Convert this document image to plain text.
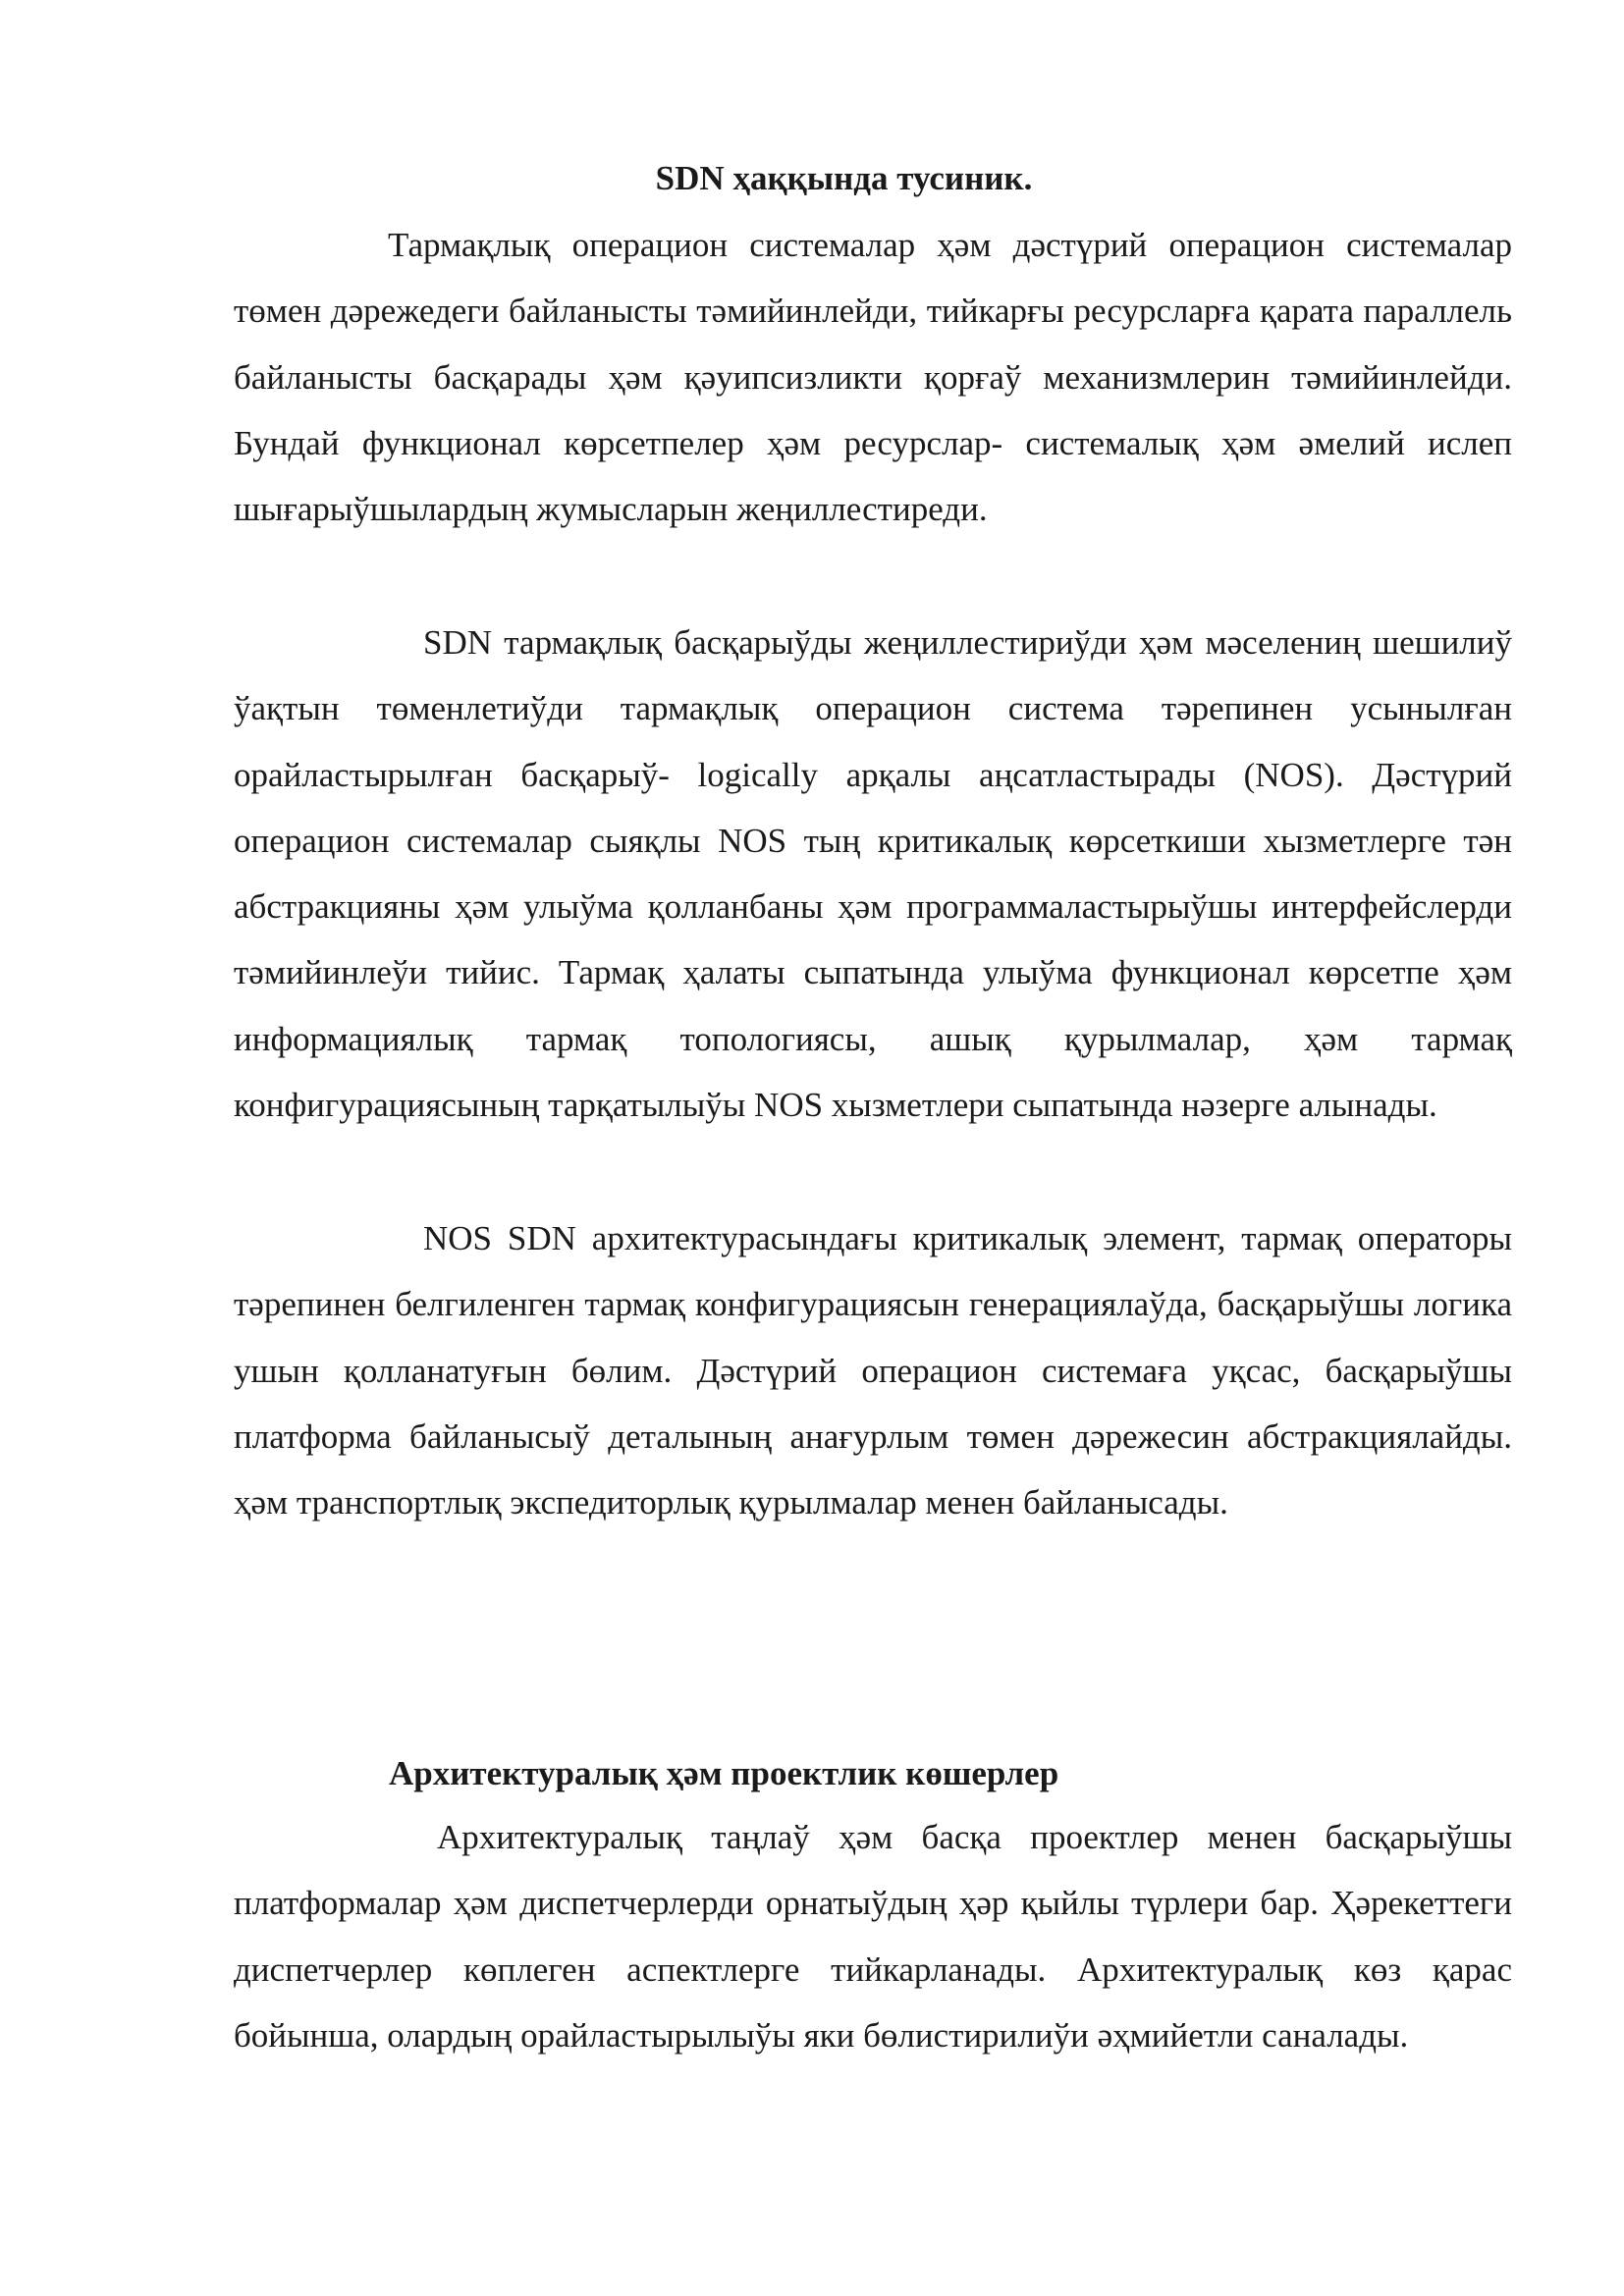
SDN ҳаққында тусиник.

Тармақлық операцион системалар ҳәм дәстүрий операцион системалар төмен дәрежедеги байланысты тәмийинлейди, тийкарғы ресурсларға қарата параллель байланысты басқарады ҳәм қәуипсизликти қорғаў механизмлерин тәмийинлейди. Бундай функционал көрсетпелер ҳәм ресурслар- системалық ҳәм әмелий ислеп шығарыўшылардың жумысларын жеңиллестиреди.

SDN тармақлық басқарыўды жеңиллестириўди ҳәм мәселениң шешилиў ўақтын төменлетиўди тармақлық операцион система тәрепинен усынылған орайластырылған басқарыў- logically арқалы аңсатластырады (NOS). Дәстүрий операцион системалар сыяқлы NOS тың критикалық көрсеткиши хызметлерге тән абстракцияны ҳәм улыўма қолланбаны ҳәм программаластырыўшы интерфейслерди тәмийинлеўи тийис. Тармақ ҳалаты сыпатында улыўма функционал көрсетпе ҳәм информациялық тармақ топологиясы, ашық қурылмалар, ҳәм тармақ конфигурациясының тарқатылыўы NOS хызметлери сыпатында нәзерге алынады.

NOS SDN архитектурасындағы критикалық элемент, тармақ операторы тәрепинен белгиленген тармақ конфигурациясын генерациялаўда, басқарыўшы логика ушын қолланатуғын бөлим. Дәстүрий операцион системаға уқсас, басқарыўшы платформа байланысыў деталының анағурлым төмен дәрежесин абстракциялайды. ҳәм транспортлық экспедиторлық қурылмалар менен байланысады.

Архитектуралық ҳәм проектлик көшерлер

Архитектуралық таңлаў ҳәм басқа проектлер менен басқарыўшы платформалар ҳәм диспетчерлерди орнатыўдың ҳәр қыйлы түрлери бар. Ҳәрекеттеги диспетчерлер көплеген аспектлерге тийкарланады. Архитектуралық көз қарас бойынша, олардың орайластырылыўы яки бөлистирилиўи әҳмийетли саналады.
